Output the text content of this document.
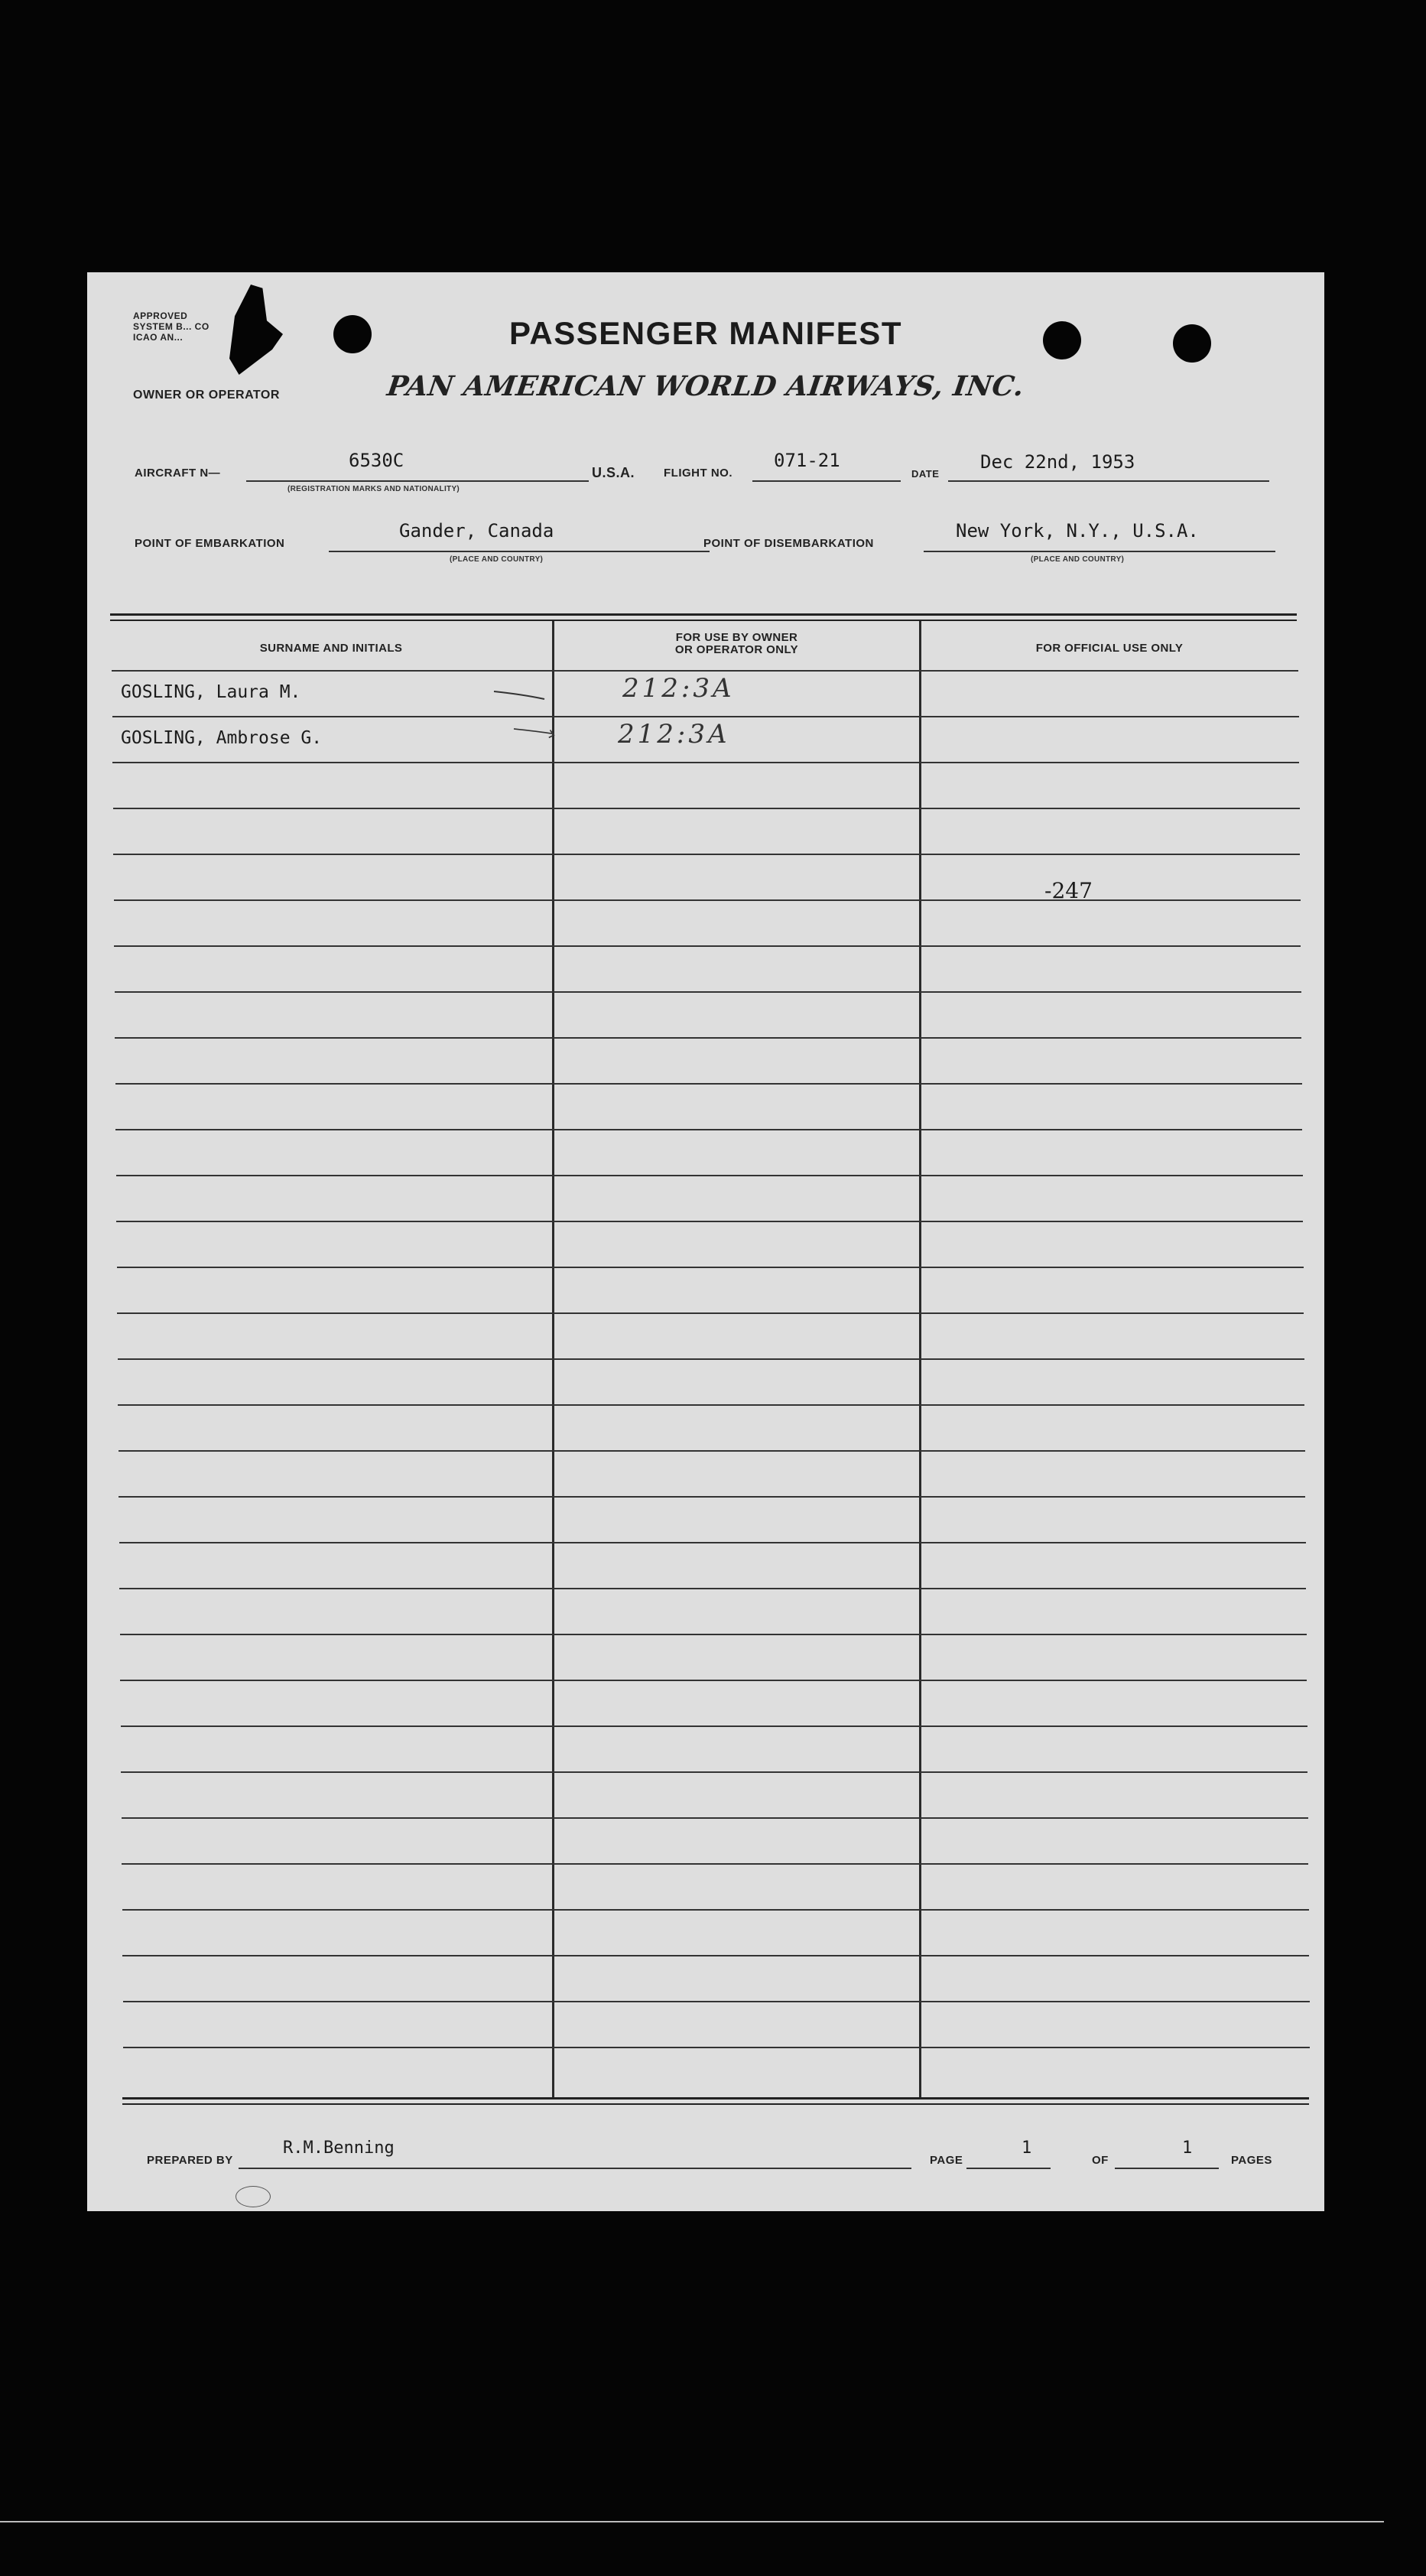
APPROVED
SYSTEM B... CO
ICAO AN...
OWNER OR OPERATOR
PASSENGER MANIFEST
PAN AMERICAN WORLD AIRWAYS, INC.
AIRCRAFT N—
6530C
(REGISTRATION MARKS AND NATIONALITY)
U.S.A.	FLIGHT NO.
071-21
DATE
Dec 22nd, 1953
POINT OF EMBARKATION
Gander, Canada
(PLACE AND COUNTRY)
POINT OF DISEMBARKATION
New York, N.Y., U.S.A.
(PLACE AND COUNTRY)
SURNAME AND INITIALS
FOR USE BY OWNER
OR OPERATOR ONLY	FOR OFFICIAL USE ONLY
GOSLING, Laura M.	212:3A
GOSLING, Ambrose G.	212:3A
-247
PREPARED BY
R.M.Benning
PAGE
1
OF
1
PAGES
